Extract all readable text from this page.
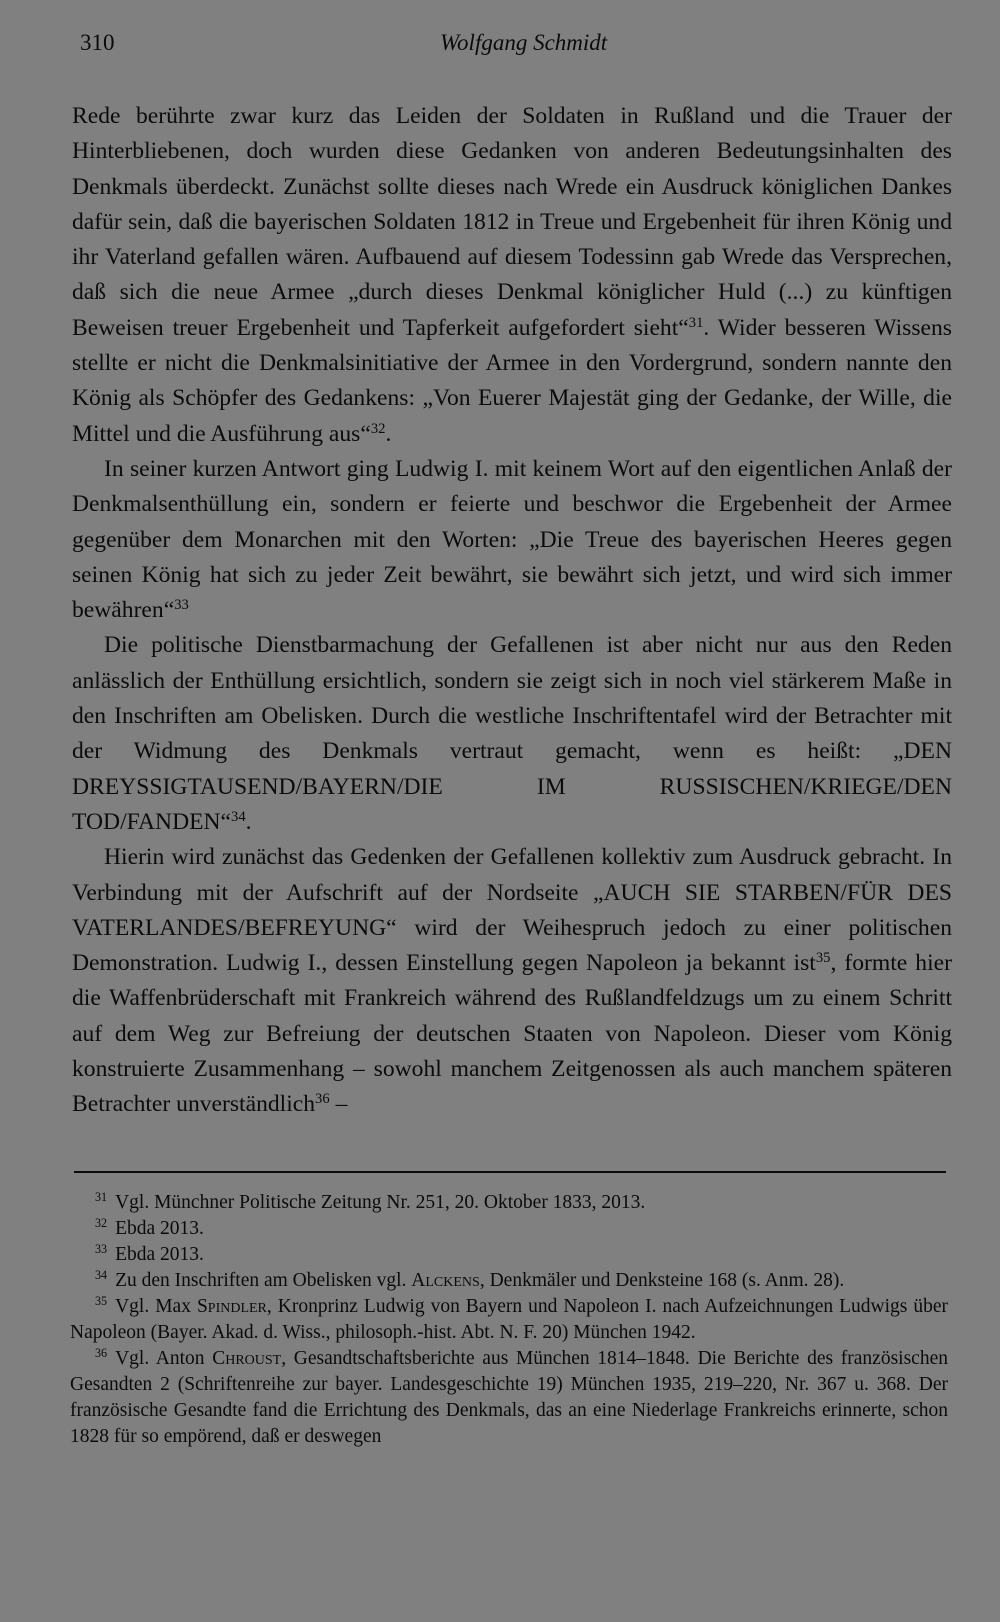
310	Wolfgang Schmidt

Rede berührte zwar kurz das Leiden der Soldaten in Rußland und die Trauer der Hinterbliebenen, doch wurden diese Gedanken von anderen Bedeutungsinhalten des Denkmals überdeckt. Zunächst sollte dieses nach Wrede ein Ausdruck königlichen Dankes dafür sein, daß die bayerischen Soldaten 1812 in Treue und Ergebenheit für ihren König und ihr Vaterland gefallen wären. Aufbauend auf diesem Todessinn gab Wrede das Versprechen, daß sich die neue Armee „durch dieses Denkmal königlicher Huld (...) zu künftigen Beweisen treuer Ergebenheit und Tapferkeit aufgefordert sieht“$^{31}$. Wider besseren Wissens stellte er nicht die Denkmalsinitiative der Armee in den Vordergrund, sondern nannte den König als Schöpfer des Gedankens: „Von Euerer Majestät ging der Gedanke, der Wille, die Mittel und die Ausführung aus“$^{32}$.

In seiner kurzen Antwort ging Ludwig I. mit keinem Wort auf den eigentlichen Anlaß der Denkmalsenthüllung ein, sondern er feierte und beschwor die Ergebenheit der Armee gegenüber dem Monarchen mit den Worten: „Die Treue des bayerischen Heeres gegen seinen König hat sich zu jeder Zeit bewährt, sie bewährt sich jetzt, und wird sich immer bewähren“$^{33}$

Die politische Dienstbarmachung der Gefallenen ist aber nicht nur aus den Reden anlässlich der Enthüllung ersichtlich, sondern sie zeigt sich in noch viel stärkerem Maße in den Inschriften am Obelisken. Durch die westliche Inschriftentafel wird der Betrachter mit der Widmung des Denkmals vertraut gemacht, wenn es heißt: „DEN DREYSSIGTAUSEND/BAYERN/DIE IM RUSSISCHEN/KRIEGE/DEN TOD/FANDEN“$^{34}$.

Hierin wird zunächst das Gedenken der Gefallenen kollektiv zum Ausdruck gebracht. In Verbindung mit der Aufschrift auf der Nordseite „AUCH SIE STARBEN/FÜR DES VATERLANDES/BEFREYUNG“ wird der Weihespruch jedoch zu einer politischen Demonstration. Ludwig I., dessen Einstellung gegen Napoleon ja bekannt ist$^{35}$, formte hier die Waffenbrüderschaft mit Frankreich während des Rußlandfeldzugs um zu einem Schritt auf dem Weg zur Befreiung der deutschen Staaten von Napoleon. Dieser vom König konstruierte Zusammenhang – sowohl manchem Zeitgenossen als auch manchem späteren Betrachter unverständlich$^{36}$ –

$^{31}$ Vgl. Münchner Politische Zeitung Nr. 251, 20. Oktober 1833, 2013.

$^{32}$ Ebda 2013.

$^{33}$ Ebda 2013.

$^{34}$ Zu den Inschriften am Obelisken vgl. Alckens, Denkmäler und Denksteine 168 (s. Anm. 28).

$^{35}$ Vgl. Max Spindler, Kronprinz Ludwig von Bayern und Napoleon I. nach Aufzeichnungen Ludwigs über Napoleon (Bayer. Akad. d. Wiss., philosoph.-hist. Abt. N. F. 20) München 1942.

$^{36}$ Vgl. Anton Chroust, Gesandtschaftsberichte aus München 1814–1848. Die Berichte des französischen Gesandten 2 (Schriftenreihe zur bayer. Landesgeschichte 19) München 1935, 219–220, Nr. 367 u. 368. Der französische Gesandte fand die Errichtung des Denkmals, das an eine Niederlage Frankreichs erinnerte, schon 1828 für so empörend, daß er deswegen
